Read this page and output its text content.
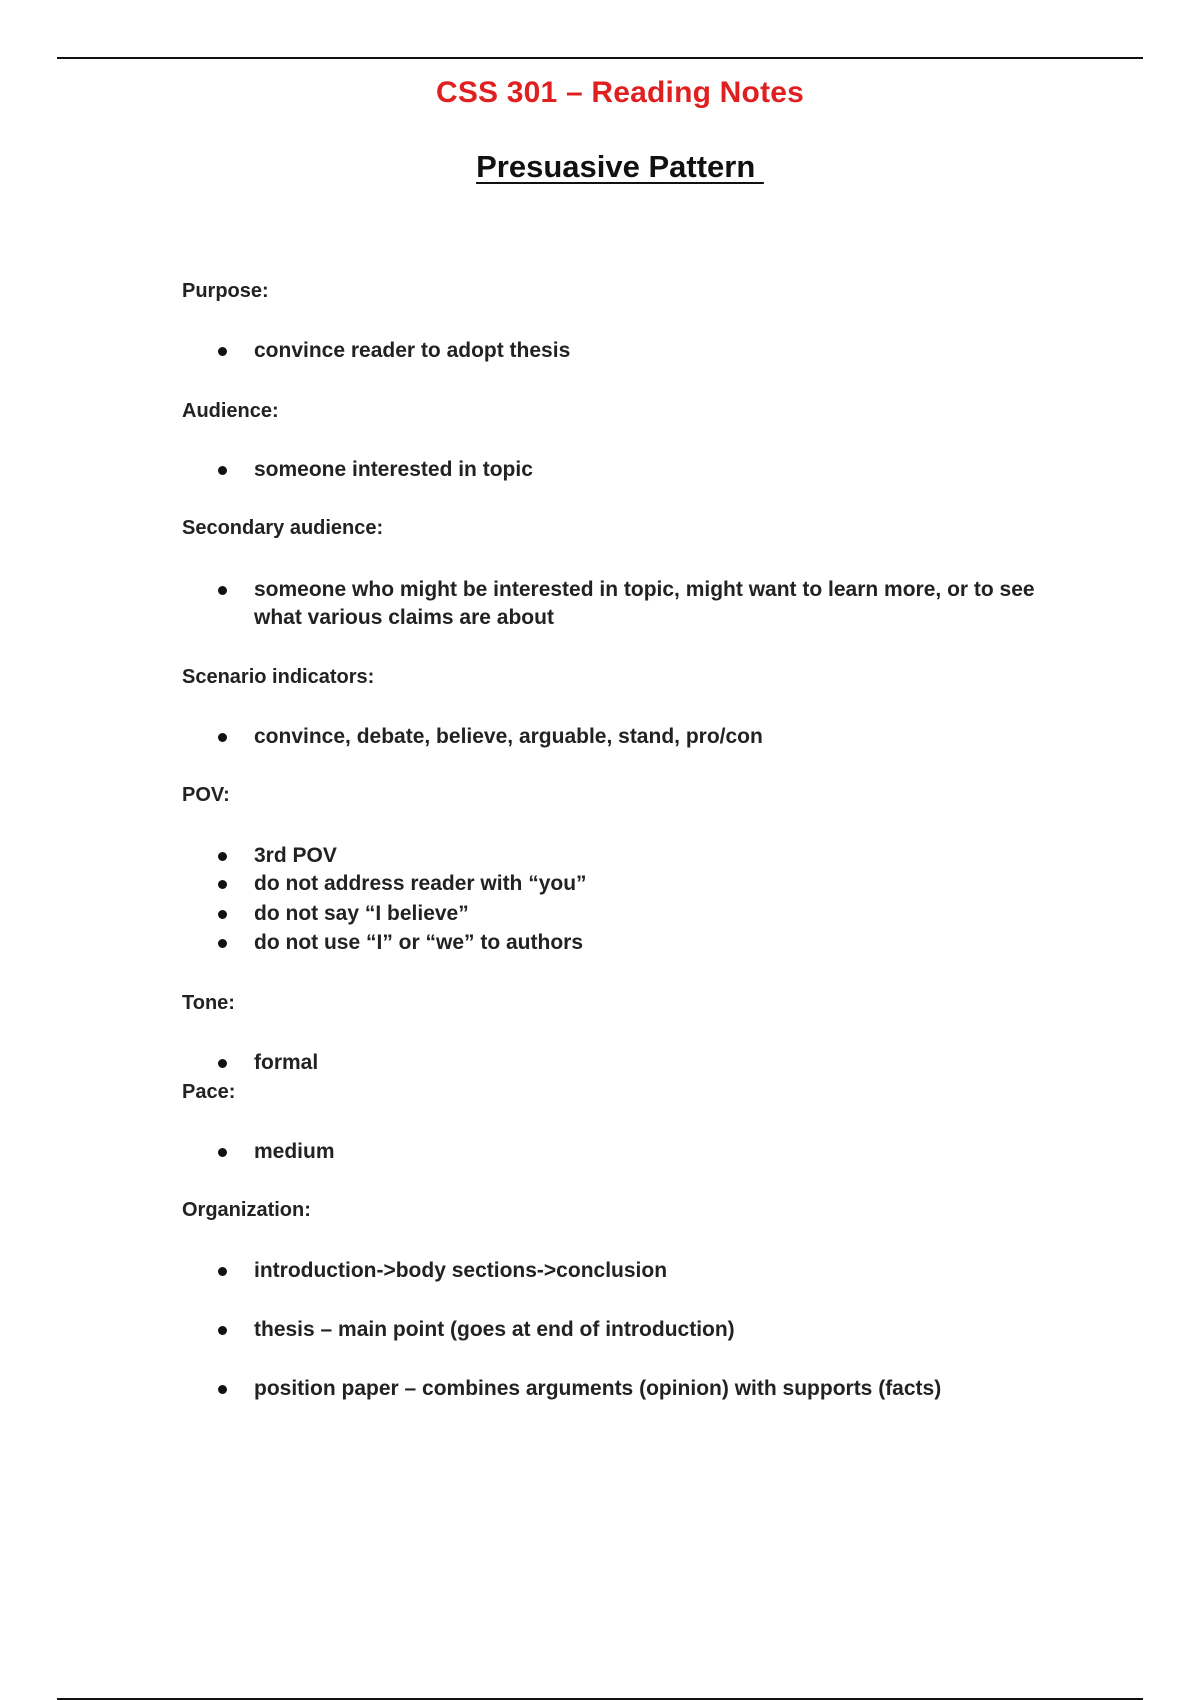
CSS 301 – Reading Notes
Presuasive Pattern
Purpose:
convince reader to adopt thesis
Audience:
someone interested in topic
Secondary audience:
someone who might be interested in topic, might want to learn more, or to see what various claims are about
Scenario indicators:
convince, debate, believe, arguable, stand, pro/con
POV:
3rd POV
do not address reader with “you”
do not say “I believe”
do not use “I” or “we” to authors
Tone:
formal
Pace:
medium
Organization:
introduction->body sections->conclusion
thesis – main point (goes at end of introduction)
position paper – combines arguments (opinion) with supports (facts)
